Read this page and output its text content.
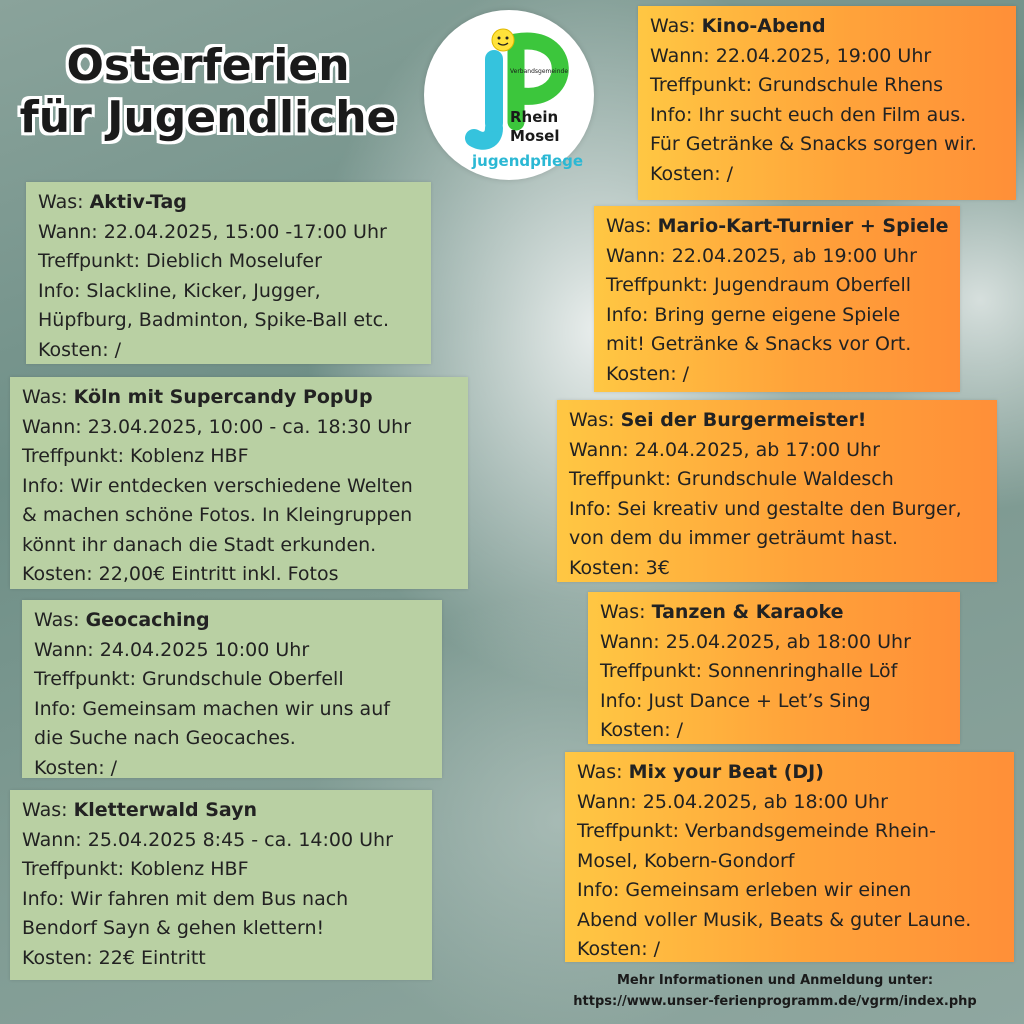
Osterferien
für Jugendliche
Verbandsgemeinde
Rhein
Mosel
jugendpflege
Was: Aktiv-Tag
Wann: 22.04.2025, 15:00 -17:00 Uhr
Treffpunkt: Dieblich Moselufer
Info: Slackline, Kicker, Jugger,
Hüpfburg, Badminton, Spike-Ball etc.
Kosten: /
Was: Köln mit Supercandy PopUp
Wann: 23.04.2025, 10:00 - ca. 18:30 Uhr
Treffpunkt: Koblenz HBF
Info: Wir entdecken verschiedene Welten
& machen schöne Fotos. In Kleingruppen
könnt ihr danach die Stadt erkunden.
Kosten: 22,00€ Eintritt inkl. Fotos
Was: Geocaching
Wann: 24.04.2025 10:00 Uhr
Treffpunkt: Grundschule Oberfell
Info: Gemeinsam machen wir uns auf
die Suche nach Geocaches.
Kosten: /
Was: Kletterwald Sayn
Wann: 25.04.2025 8:45 - ca. 14:00 Uhr
Treffpunkt: Koblenz HBF
Info: Wir fahren mit dem Bus nach
Bendorf Sayn & gehen klettern!
Kosten: 22€ Eintritt
Was: Kino-Abend
Wann: 22.04.2025, 19:00 Uhr
Treffpunkt: Grundschule Rhens
Info: Ihr sucht euch den Film aus.
Für Getränke & Snacks sorgen wir.
Kosten: /
Was: Mario-Kart-Turnier + Spiele
Wann: 22.04.2025, ab 19:00 Uhr
Treffpunkt: Jugendraum Oberfell
Info: Bring gerne eigene Spiele
mit! Getränke & Snacks vor Ort.
Kosten: /
Was: Sei der Burgermeister!
Wann: 24.04.2025, ab 17:00 Uhr
Treffpunkt: Grundschule Waldesch
Info: Sei kreativ und gestalte den Burger,
von dem du immer geträumt hast.
Kosten: 3€
Was: Tanzen & Karaoke
Wann: 25.04.2025, ab 18:00 Uhr
Treffpunkt: Sonnenringhalle Löf
Info: Just Dance + Let’s Sing
Kosten: /
Was: Mix your Beat (DJ)
Wann: 25.04.2025, ab 18:00 Uhr
Treffpunkt: Verbandsgemeinde Rhein-
Mosel, Kobern-Gondorf
Info: Gemeinsam erleben wir einen
Abend voller Musik, Beats & guter Laune.
Kosten: /
Mehr Informationen und Anmeldung unter:
https://www.unser-ferienprogramm.de/vgrm/index.php
